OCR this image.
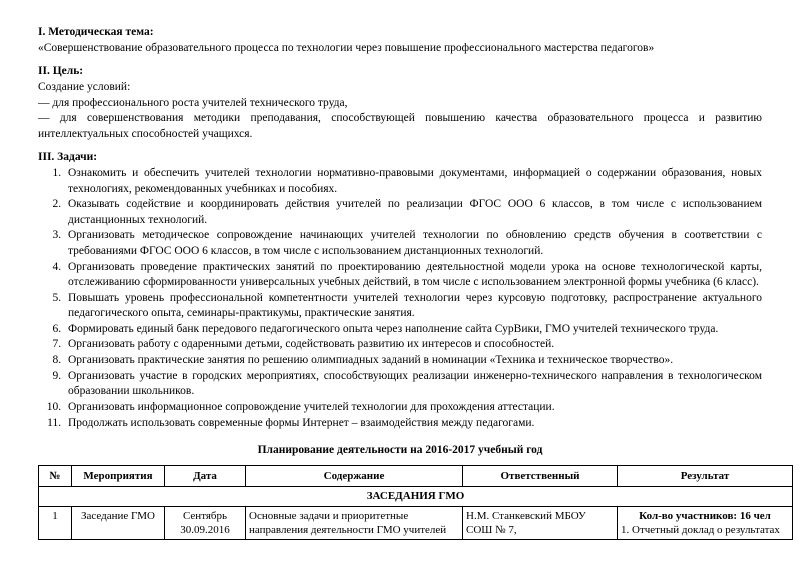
I. Методическая тема:
«Совершенствование образовательного процесса по технологии через повышение профессионального мастерства педагогов»
II. Цель:
Создание условий:
— для профессионального роста учителей технического труда,
— для совершенствования методики преподавания, способствующей повышению качества образовательного процесса и развитию интеллектуальных способностей учащихся.
III. Задачи:
1. Ознакомить и обеспечить учителей технологии нормативно-правовыми документами, информацией о содержании образования, новых технологиях, рекомендованных учебниках и пособиях.
2. Оказывать содействие и координировать действия учителей по реализации ФГОС ООО 6 классов, в том числе с использованием дистанционных технологий.
3. Организовать методическое сопровождение начинающих учителей технологии по обновлению средств обучения в соответствии с требованиями ФГОС ООО 6 классов, в том числе с использованием дистанционных технологий.
4. Организовать проведение практических занятий по проектированию деятельностной модели урока на основе технологической карты, отслеживанию сформированности универсальных учебных действий, в том числе с использованием электронной формы учебника (6 класс).
5. Повышать уровень профессиональной компетентности учителей технологии через курсовую подготовку, распространение актуального педагогического опыта, семинары-практикумы, практические занятия.
6. Формировать единый банк передового педагогического опыта через наполнение сайта СурВики, ГМО учителей технического труда.
7. Организовать работу с одаренными детьми, содействовать развитию их интересов и способностей.
8. Организовать практические занятия по решению олимпиадных заданий в номинации «Техника и техническое творчество».
9. Организовать участие в городских мероприятиях, способствующих реализации инженерно-технического направления в технологическом образовании школьников.
10. Организовать информационное сопровождение учителей технологии для прохождения аттестации.
11. Продолжать использовать современные формы Интернет – взаимодействия между педагогами.
Планирование деятельности на 2016-2017 учебный год
№	Мероприятия	Дата	Содержание	Ответственный	Результат
ЗАСЕДАНИЯ ГМО					
1	Заседание ГМО	Сентябрь 30.09.2016	Основные задачи и приоритетные направления деятельности ГМО учителей	Н.М. Станкевский МБОУ СОШ № 7,	Кол-во участников: 16 чел
1. Отчетный доклад о результатах
